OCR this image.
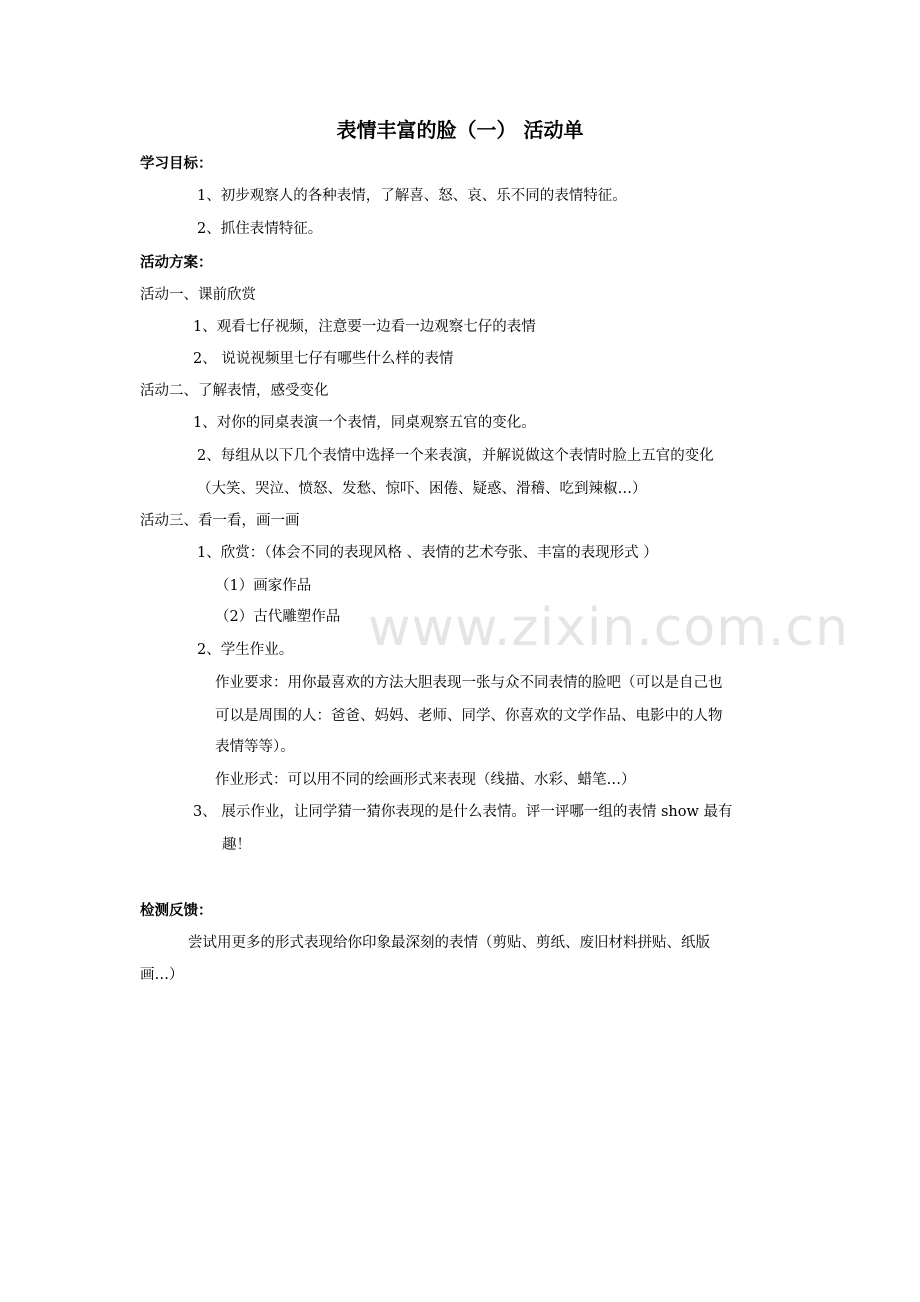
表情丰富的脸（一） 活动单
学习目标：
1、初步观察人的各种表情，了解喜、怒、哀、乐不同的表情特征。
2、抓住表情特征。
活动方案：
活动一、课前欣赏
1、观看七仔视频，注意要一边看一边观察七仔的表情
2、 说说视频里七仔有哪些什么样的表情
活动二、了解表情，感受变化
1、对你的同桌表演一个表情，同桌观察五官的变化。
2、每组从以下几个表情中选择一个来表演，并解说做这个表情时脸上五官的变化
（大笑、哭泣、愤怒、发愁、惊吓、困倦、疑惑、滑稽、吃到辣椒…）
活动三、看一看，画一画
1、欣赏：（体会不同的表现风格 、表情的艺术夸张、丰富的表现形式 ）
（1）画家作品
（2）古代雕塑作品
2、学生作业。
作业要求：用你最喜欢的方法大胆表现一张与众不同表情的脸吧（可以是自己也
可以是周围的人：爸爸、妈妈、老师、同学、你喜欢的文学作品、电影中的人物
表情等等）。
作业形式：可以用不同的绘画形式来表现（线描、水彩、蜡笔…）
3、 展示作业，让同学猜一猜你表现的是什么表情。评一评哪一组的表情 show 最有
趣！
检测反馈：
尝试用更多的形式表现给你印象最深刻的表情（剪贴、剪纸、废旧材料拼贴、纸版
画…）
www.zixin.com.cn
